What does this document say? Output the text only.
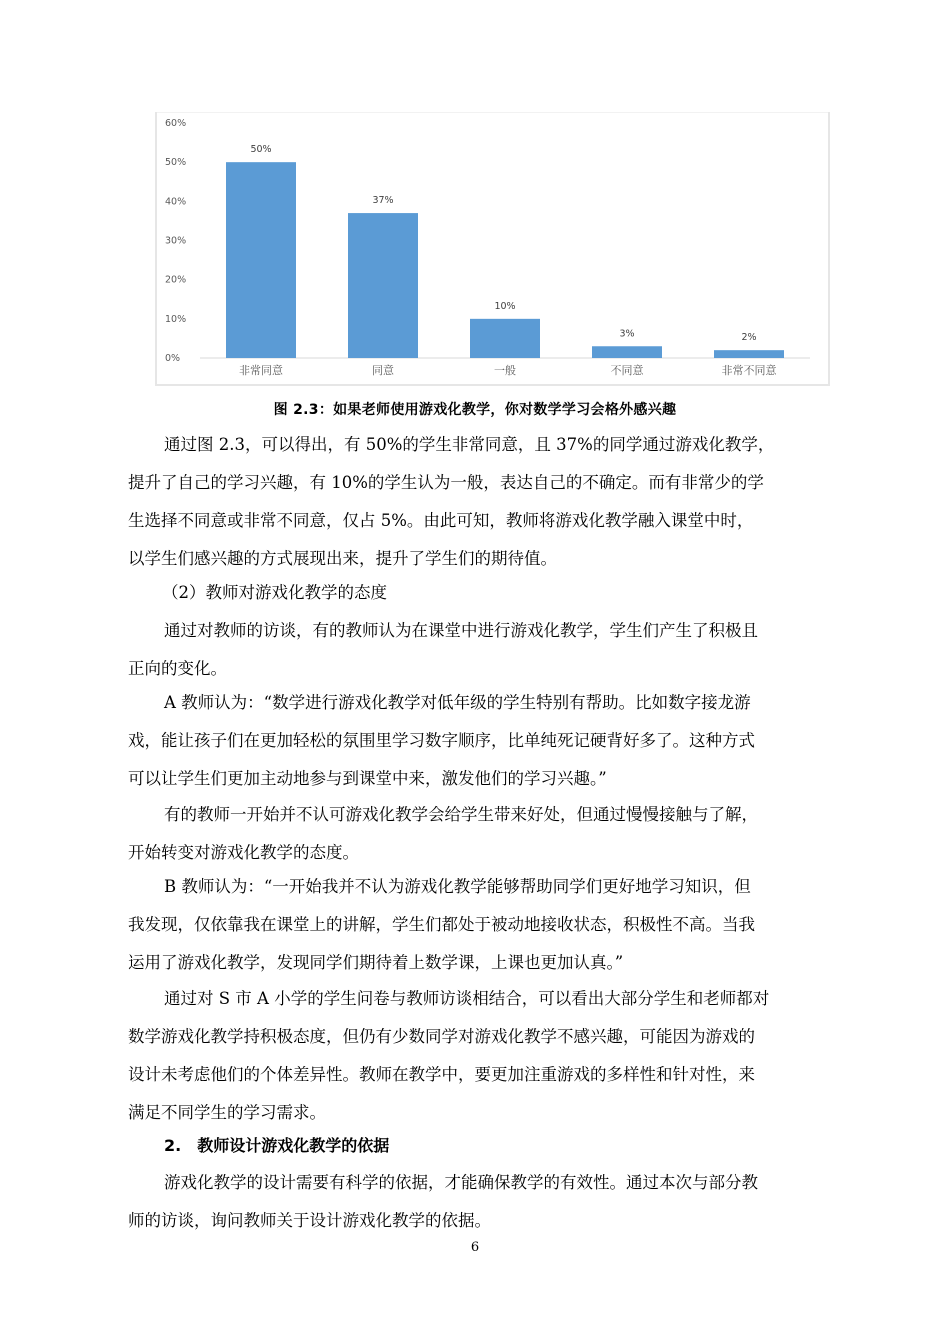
0%
10%
20%
30%
40%
50%
60%
50%
非常同意
37%
同意
10%
一般
3%
不同意
2%
非常不同意
图 2.3：如果老师使用游戏化教学，你对数学学习会格外感兴趣
通过图 2.3，可以得出，有 50%的学生非常同意，且 37%的同学通过游戏化教学，
提升了自己的学习兴趣，有 10%的学生认为一般，表达自己的不确定。而有非常少的学
生选择不同意或非常不同意，仅占 5%。由此可知，教师将游戏化教学融入课堂中时，
以学生们感兴趣的方式展现出来，提升了学生们的期待值。
（2）教师对游戏化教学的态度
通过对教师的访谈，有的教师认为在课堂中进行游戏化教学，学生们产生了积极且
正向的变化。
A 教师认为：“数学进行游戏化教学对低年级的学生特别有帮助。比如数字接龙游
戏，能让孩子们在更加轻松的氛围里学习数字顺序，比单纯死记硬背好多了。这种方式
可以让学生们更加主动地参与到课堂中来，激发他们的学习兴趣。”
有的教师一开始并不认可游戏化教学会给学生带来好处，但通过慢慢接触与了解，
开始转变对游戏化教学的态度。
B 教师认为：“一开始我并不认为游戏化教学能够帮助同学们更好地学习知识，但
我发现，仅依靠我在课堂上的讲解，学生们都处于被动地接收状态，积极性不高。当我
运用了游戏化教学，发现同学们期待着上数学课，上课也更加认真。”
通过对 S 市 A 小学的学生问卷与教师访谈相结合，可以看出大部分学生和老师都对
数学游戏化教学持积极态度，但仍有少数同学对游戏化教学不感兴趣，可能因为游戏的
设计未考虑他们的个体差异性。教师在教学中，要更加注重游戏的多样性和针对性，来
满足不同学生的学习需求。
2.　教师设计游戏化教学的依据
游戏化教学的设计需要有科学的依据，才能确保教学的有效性。通过本次与部分教
师的访谈，询问教师关于设计游戏化教学的依据。
6
